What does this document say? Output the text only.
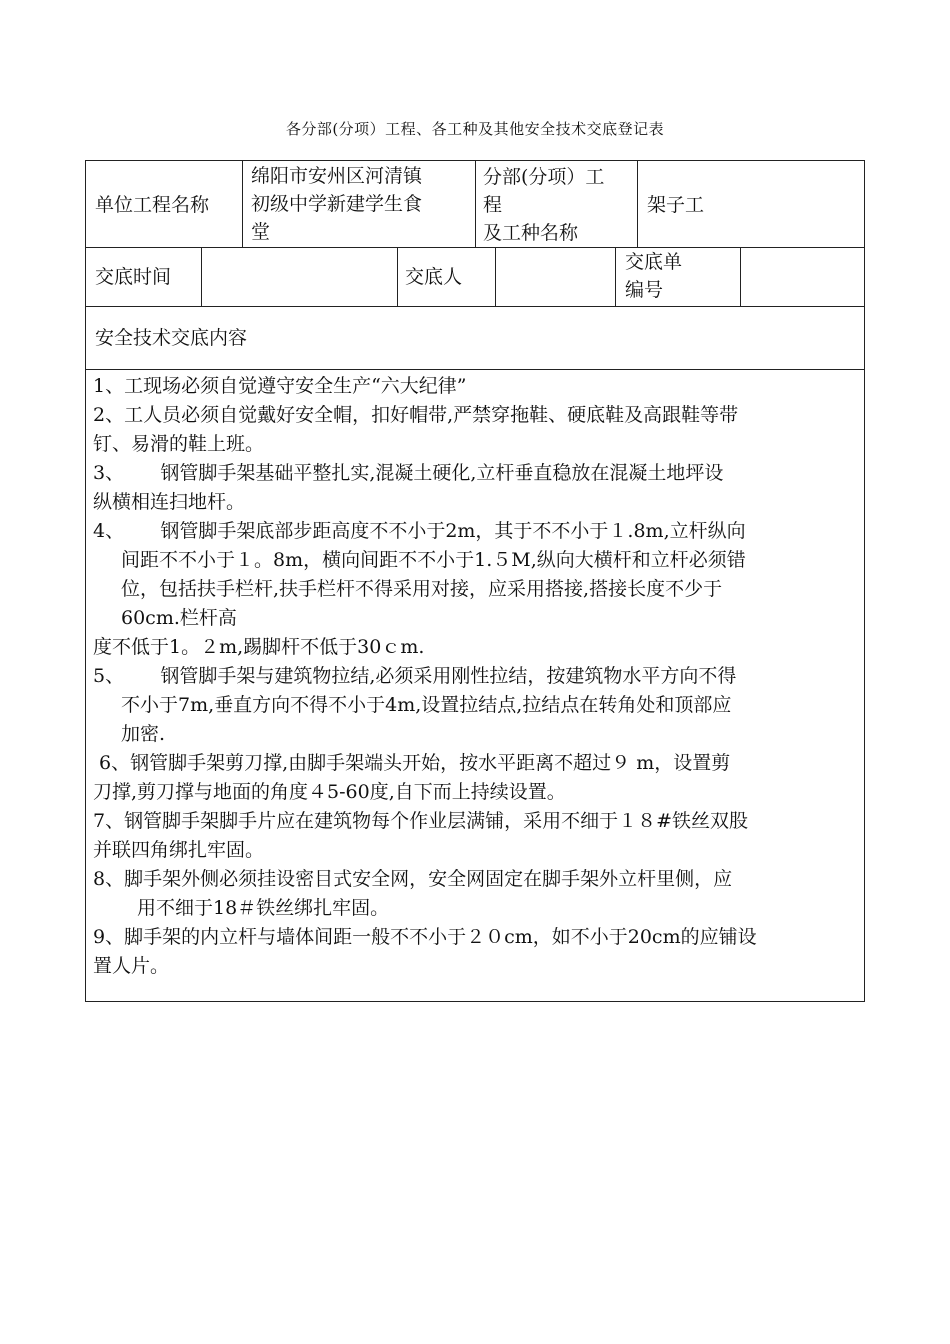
各分部(分项）工程、各工种及其他安全技术交底登记表
单位工程名称
绵阳市安州区河清镇
初级中学新建学生食
堂
分部(分项）工
程
及工种名称
架子工
交底时间	交底人
交底单
编号
安全技术交底内容
1、工现场必须自觉遵守安全生产“六大纪律”
2、工人员必须自觉戴好安全帽，扣好帽带,严禁穿拖鞋、硬底鞋及高跟鞋等带
钉、易滑的鞋上班。
3、      钢管脚手架基础平整扎实,混凝土硬化,立杆垂直稳放在混凝土地坪设
纵横相连扫地杆。
4、      钢管脚手架底部步距高度不不小于2m，其于不不小于１.8m,立杆纵向
间距不不小于１。8m，横向间距不不小于1.５M,纵向大横杆和立杆必须错
位，包括扶手栏杆,扶手栏杆不得采用对接，应采用搭接,搭接长度不少于
60cm.栏杆高
度不低于1。２m,踢脚杆不低于30ｃm.
5、      钢管脚手架与建筑物拉结,必须采用刚性拉结，按建筑物水平方向不得
不小于7m,垂直方向不得不小于4m,设置拉结点,拉结点在转角处和顶部应
加密.
6、钢管脚手架剪刀撑,由脚手架端头开始，按水平距离不超过９ m，设置剪
刀撑,剪刀撑与地面的角度４5-60度,自下而上持续设置。
7、钢管脚手架脚手片应在建筑物每个作业层满铺，采用不细于１８#铁丝双股
并联四角绑扎牢固。
8、脚手架外侧必须挂设密目式安全网，安全网固定在脚手架外立杆里侧，应
用不细于18＃铁丝绑扎牢固。
9、脚手架的内立杆与墙体间距一般不不小于２０cm，如不小于20cm的应铺设
置人片。
